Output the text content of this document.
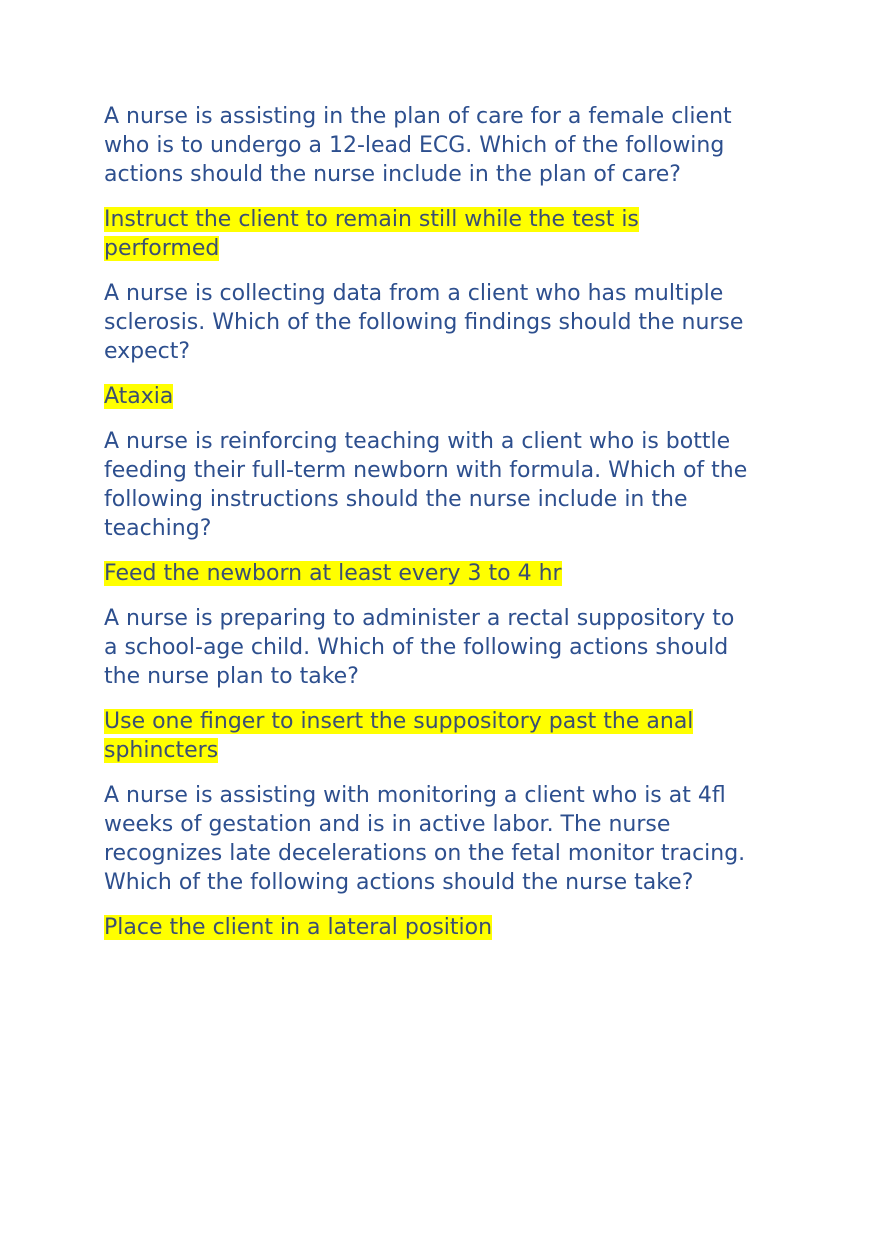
A nurse is assisting in the plan of care for a female client
who is to undergo a 12-lead ECG. Which of the following
actions should the nurse include in the plan of care?
Instruct the client to remain still while the test is
performed
A nurse is collecting data from a client who has multiple
sclerosis. Which of the following findings should the nurse
expect?
Ataxia
A nurse is reinforcing teaching with a client who is bottle
feeding their full-term newborn with formula. Which of the
following instructions should the nurse include in the
teaching?
Feed the newborn at least every 3 to 4 hr
A nurse is preparing to administer a rectal suppository to
a school-age child. Which of the following actions should
the nurse plan to take?
Use one finger to insert the suppository past the anal
sphincters
A nurse is assisting with monitoring a client who is at 4fl
weeks of gestation and is in active labor. The nurse
recognizes late decelerations on the fetal monitor tracing.
Which of the following actions should the nurse take?
Place the client in a lateral position
